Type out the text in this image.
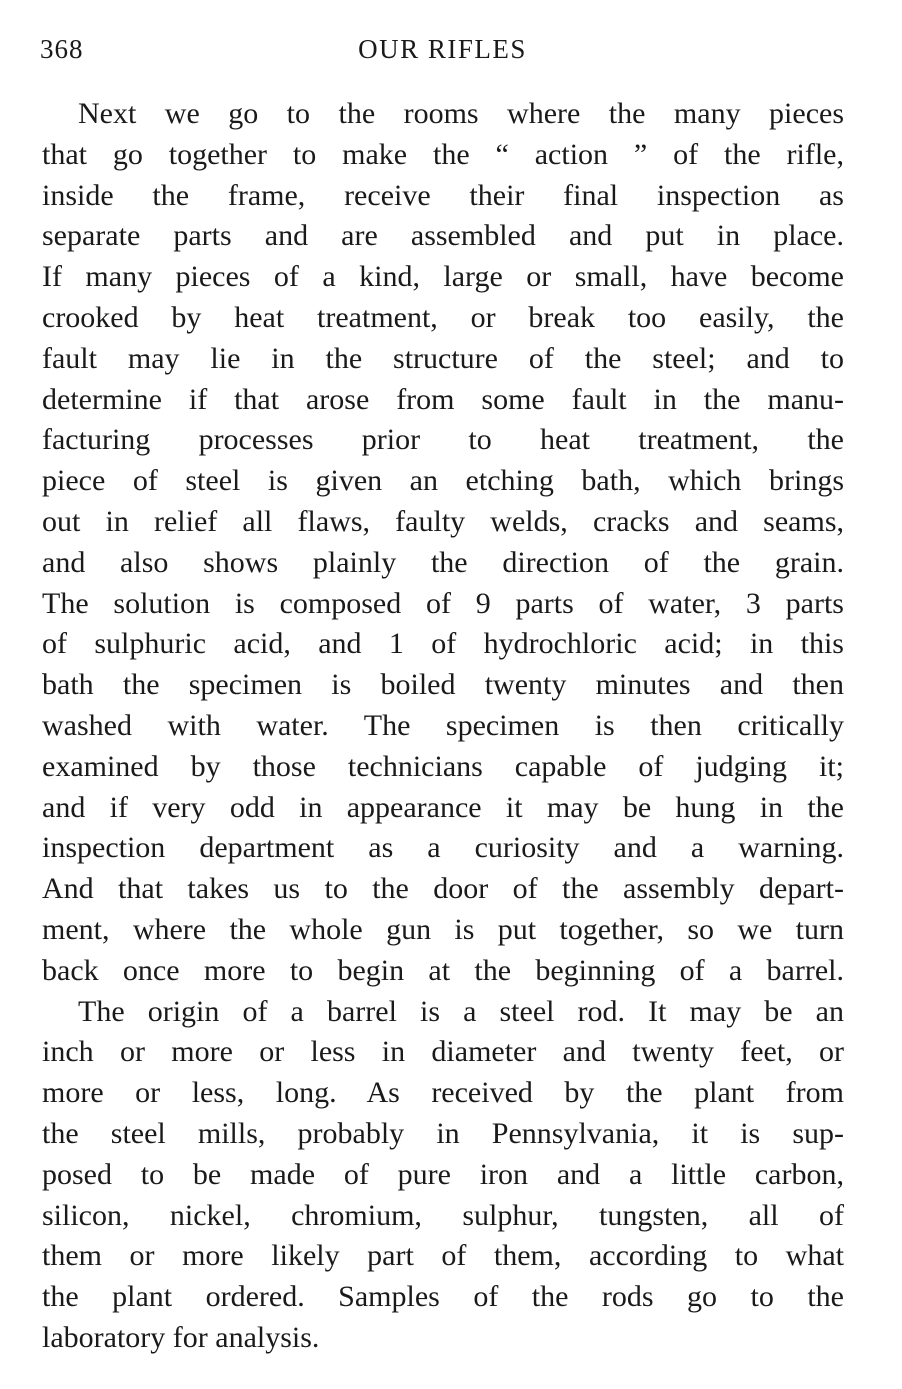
368	OUR RIFLES
Next we go to the rooms where the many pieces
that go together to make the “ action ” of the rifle,
inside the frame, receive their final inspection as
separate parts and are assembled and put in place.
If many pieces of a kind, large or small, have become
crooked by heat treatment, or break too easily, the
fault may lie in the structure of the steel; and to
determine if that arose from some fault in the manu-
facturing processes prior to heat treatment, the
piece of steel is given an etching bath, which brings
out in relief all flaws, faulty welds, cracks and seams,
and also shows plainly the direction of the grain.
The solution is composed of 9 parts of water, 3 parts
of sulphuric acid, and 1 of hydrochloric acid; in this
bath the specimen is boiled twenty minutes and then
washed with water. The specimen is then critically
examined by those technicians capable of judging it;
and if very odd in appearance it may be hung in the
inspection department as a curiosity and a warning.
And that takes us to the door of the assembly depart-
ment, where the whole gun is put together, so we turn
back once more to begin at the beginning of a barrel.
The origin of a barrel is a steel rod. It may be an
inch or more or less in diameter and twenty feet, or
more or less, long. As received by the plant from
the steel mills, probably in Pennsylvania, it is sup-
posed to be made of pure iron and a little carbon,
silicon, nickel, chromium, sulphur, tungsten, all of
them or more likely part of them, according to what
the plant ordered. Samples of the rods go to the
laboratory for analysis.
